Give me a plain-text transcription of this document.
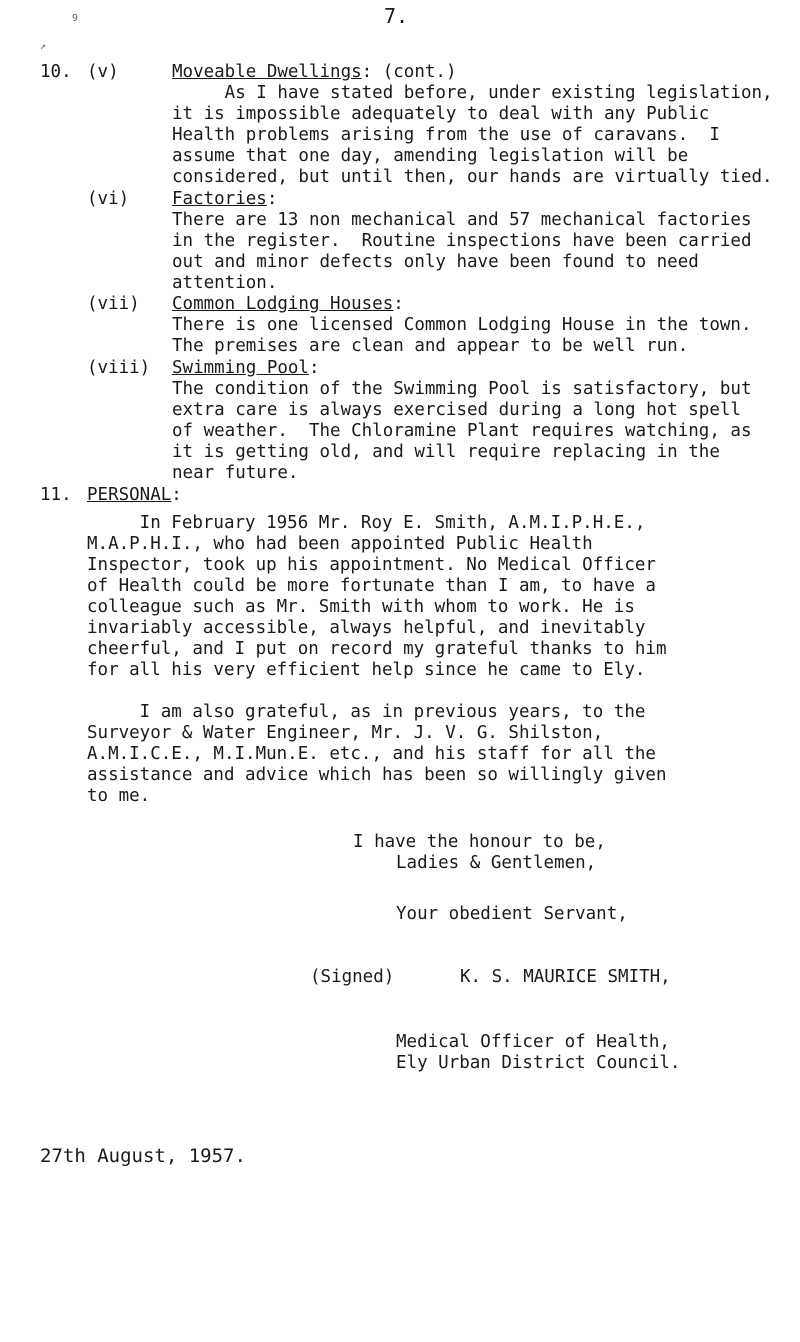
9
↗
7.
10. (v)	Moveable Dwellings: (cont.)

As I have stated before, under existing legislation,

it is impossible adequately to deal with any Public

Health problems arising from the use of caravans.  I

assume that one day, amending legislation will be

considered, but until then, our hands are virtually tied.

(vi) Factories:

There are 13 non mechanical and 57 mechanical factories

in the register.  Routine inspections have been carried

out and minor defects only have been found to need

attention.

(vii) Common Lodging Houses:

There is one licensed Common Lodging House in the town.

The premises are clean and appear to be well run.

(viii) Swimming Pool:

The condition of the Swimming Pool is satisfactory, but

extra care is always exercised during a long hot spell

of weather.  The Chloramine Plant requires watching, as

it is getting old, and will require replacing in the

near future.

11. PERSONAL:

In February 1956 Mr. Roy E. Smith, A.M.I.P.H.E.,

M.A.P.H.I., who had been appointed Public Health

Inspector, took up his appointment. No Medical Officer

of Health could be more fortunate than I am, to have a

colleague such as Mr. Smith with whom to work. He is

invariably accessible, always helpful, and inevitably

cheerful, and I put on record my grateful thanks to him

for all his very efficient help since he came to Ely.

I am also grateful, as in previous years, to the

Surveyor & Water Engineer, Mr. J. V. G. Shilston,

A.M.I.C.E., M.I.Mun.E. etc., and his staff for all the

assistance and advice which has been so willingly given

to me.

I have the honour to be,

Ladies & Gentlemen,

Your obedient Servant,

(Signed)	K. S. MAURICE SMITH,

Medical Officer of Health,

Ely Urban District Council.

27th August, 1957.
